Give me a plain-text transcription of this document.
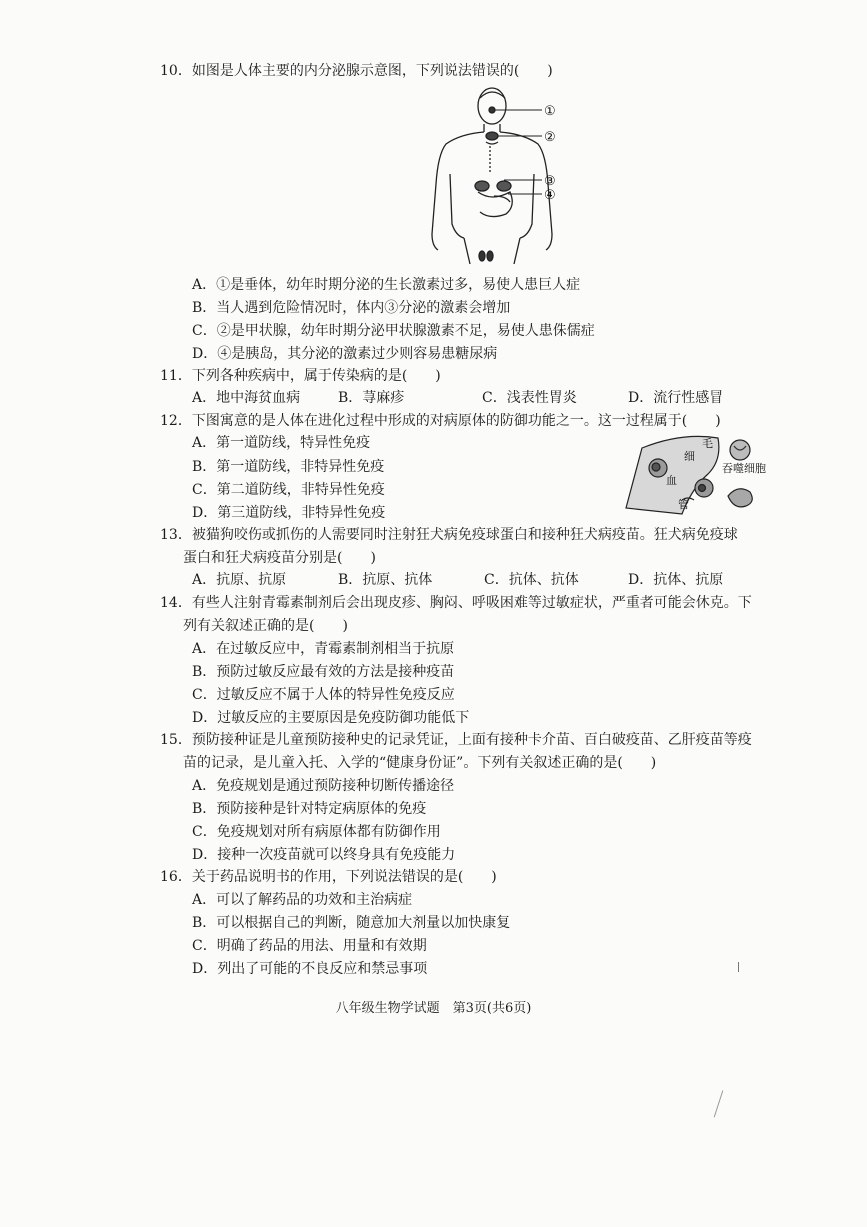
10．如图是人体主要的内分泌腺示意图，下列说法错误的(　　)
①
②
③
④
A．①是垂体，幼年时期分泌的生长激素过多，易使人患巨人症
B．当人遇到危险情况时，体内③分泌的激素会增加
C．②是甲状腺，幼年时期分泌甲状腺激素不足，易使人患侏儒症
D．④是胰岛，其分泌的激素过少则容易患糖尿病
11．下列各种疾病中，属于传染病的是(　　)
A．地中海贫血病	B．荨麻疹	C．浅表性胃炎	D．流行性感冒
12．下图寓意的是人体在进化过程中形成的对病原体的防御功能之一。这一过程属于(　　)
A．第一道防线，特异性免疫
B．第一道防线，非特异性免疫
C．第二道防线，非特异性免疫
D．第三道防线，非特异性免疫
毛
细
血
管
吞噬细胞
13．被猫狗咬伤或抓伤的人需要同时注射狂犬病免疫球蛋白和接种狂犬病疫苗。狂犬病免疫球
蛋白和狂犬病疫苗分别是(　　)
A．抗原、抗原	B．抗原、抗体	C．抗体、抗体	D．抗体、抗原
14．有些人注射青霉素制剂后会出现皮疹、胸闷、呼吸困难等过敏症状，严重者可能会休克。下
列有关叙述正确的是(　　)
A．在过敏反应中，青霉素制剂相当于抗原
B．预防过敏反应最有效的方法是接种疫苗
C．过敏反应不属于人体的特异性免疫反应
D．过敏反应的主要原因是免疫防御功能低下
15．预防接种证是儿童预防接种史的记录凭证，上面有接种卡介苗、百白破疫苗、乙肝疫苗等疫
苗的记录，是儿童入托、入学的“健康身份证”。下列有关叙述正确的是(　　)
A．免疫规划是通过预防接种切断传播途径
B．预防接种是针对特定病原体的免疫
C．免疫规划对所有病原体都有防御作用
D．接种一次疫苗就可以终身具有免疫能力
16．关于药品说明书的作用，下列说法错误的是(　　)
A．可以了解药品的功效和主治病症
B．可以根据自己的判断，随意加大剂量以加快康复
C．明确了药品的用法、用量和有效期
D．列出了可能的不良反应和禁忌事项
八年级生物学试题　第3页(共6页)
